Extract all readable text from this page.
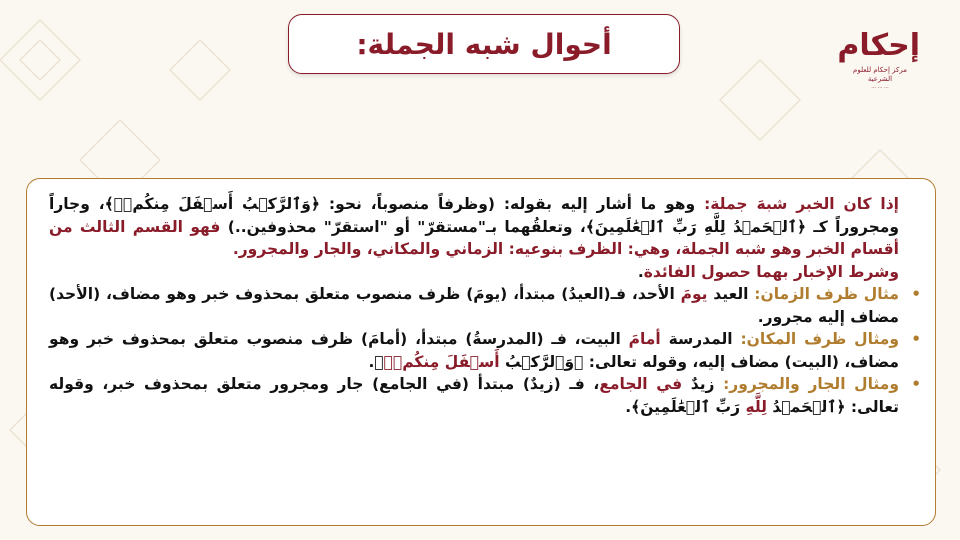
أحوال شبه الجملة:	إحكام
مركز إحكام للعلوم الشرعية
... ... ...

إذا كان الخبر شبهَ جملة: وهو ما أشار إليه بقوله: (وظرفاً منصوباً، نحو: ﴿وَٱلرَّكۡبُ أَسۡفَلَ مِنكُمۡۚ﴾، وجاراً ومجروراً كـ ﴿ٱلۡحَمۡدُ لِلَّهِ رَبِّ ٱلۡعَٰلَمِينَ﴾، وتعلقُهما بـ"مستقرّ" أو "استقرّ" محذوفين..) فهو القسم الثالث من أقسام الخبر وهو شبه الجملة، وهي: الظرف بنوعيه: الزماني والمكاني، والجار والمجرور.

وشرط الإخبار بهما حصول الفائدة.

•
مثال ظرف الزمان: العيد يومَ الأحد، فـ(العيدُ) مبتدأ، (يومَ) ظرف منصوب متعلق بمحذوف خبر وهو مضاف، (الأحد) مضاف إليه مجرور.
•
ومثال ظرف المكان: المدرسة أمامَ البيت، فـ (المدرسةُ) مبتدأ، (أمامَ) ظرف منصوب متعلق بمحذوف خبر وهو مضاف، (البيت) مضاف إليه، وقوله تعالى: ﴿وَٱلرَّكۡبُ أَسۡفَلَ مِنكُمۡۚ﴾.
•
ومثال الجار والمجرور: زيدٌ في الجامع، فـ (زيدٌ) مبتدأ (في الجامع) جار ومجرور متعلق بمحذوف خبر، وقوله تعالى: ﴿ٱلۡحَمۡدُ لِلَّهِ رَبِّ ٱلۡعَٰلَمِينَ﴾.
